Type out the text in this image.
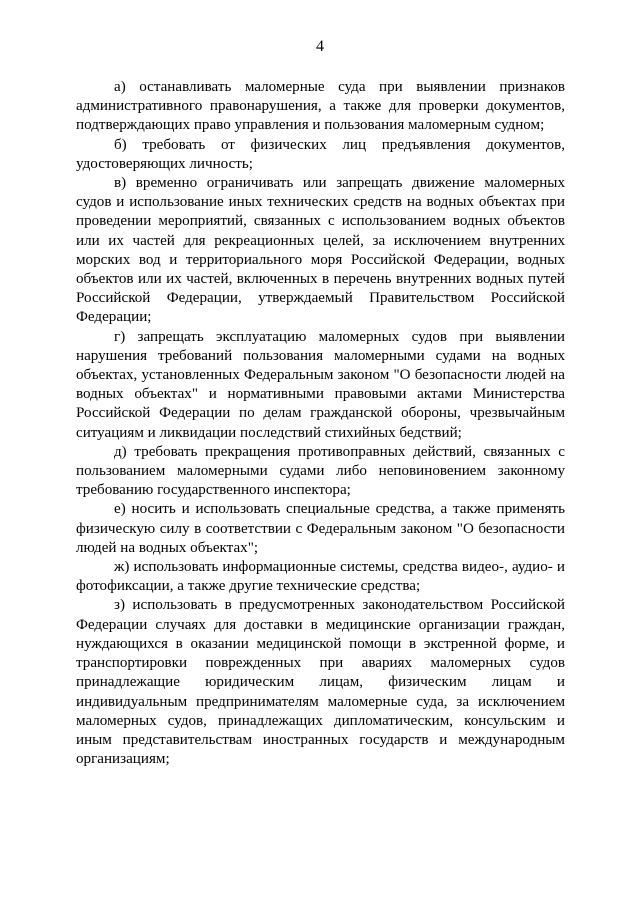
4

а) останавливать маломерные суда при выявлении признаков административного правонарушения, а также для проверки документов, подтверждающих право управления и пользования маломерным судном;

б) требовать от физических лиц предъявления документов, удостоверяющих личность;

в) временно ограничивать или запрещать движение маломерных судов и использование иных технических средств на водных объектах при проведении мероприятий, связанных с использованием водных объектов или их частей для рекреационных целей, за исключением внутренних морских вод и территориального моря Российской Федерации, водных объектов или их частей, включенных в перечень внутренних водных путей Российской Федерации, утверждаемый Правительством Российской Федерации;

г) запрещать эксплуатацию маломерных судов при выявлении нарушения требований пользования маломерными судами на водных объектах, установленных Федеральным законом "О безопасности людей на водных объектах" и нормативными правовыми актами Министерства Российской Федерации по делам гражданской обороны, чрезвычайным ситуациям и ликвидации последствий стихийных бедствий;

д) требовать прекращения противоправных действий, связанных с пользованием маломерными судами либо неповиновением законному требованию государственного инспектора;

е) носить и использовать специальные средства, а также применять физическую силу в соответствии с Федеральным законом "О безопасности людей на водных объектах";

ж) использовать информационные системы, средства видео-, аудио- и фотофиксации, а также другие технические средства;

з) использовать в предусмотренных законодательством Российской Федерации случаях для доставки в медицинские организации граждан, нуждающихся в оказании медицинской помощи в экстренной форме, и транспортировки поврежденных при авариях маломерных судов принадлежащие юридическим лицам, физическим лицам и индивидуальным предпринимателям маломерные суда, за исключением маломерных судов, принадлежащих дипломатическим, консульским и иным представительствам иностранных государств и международным организациям;
